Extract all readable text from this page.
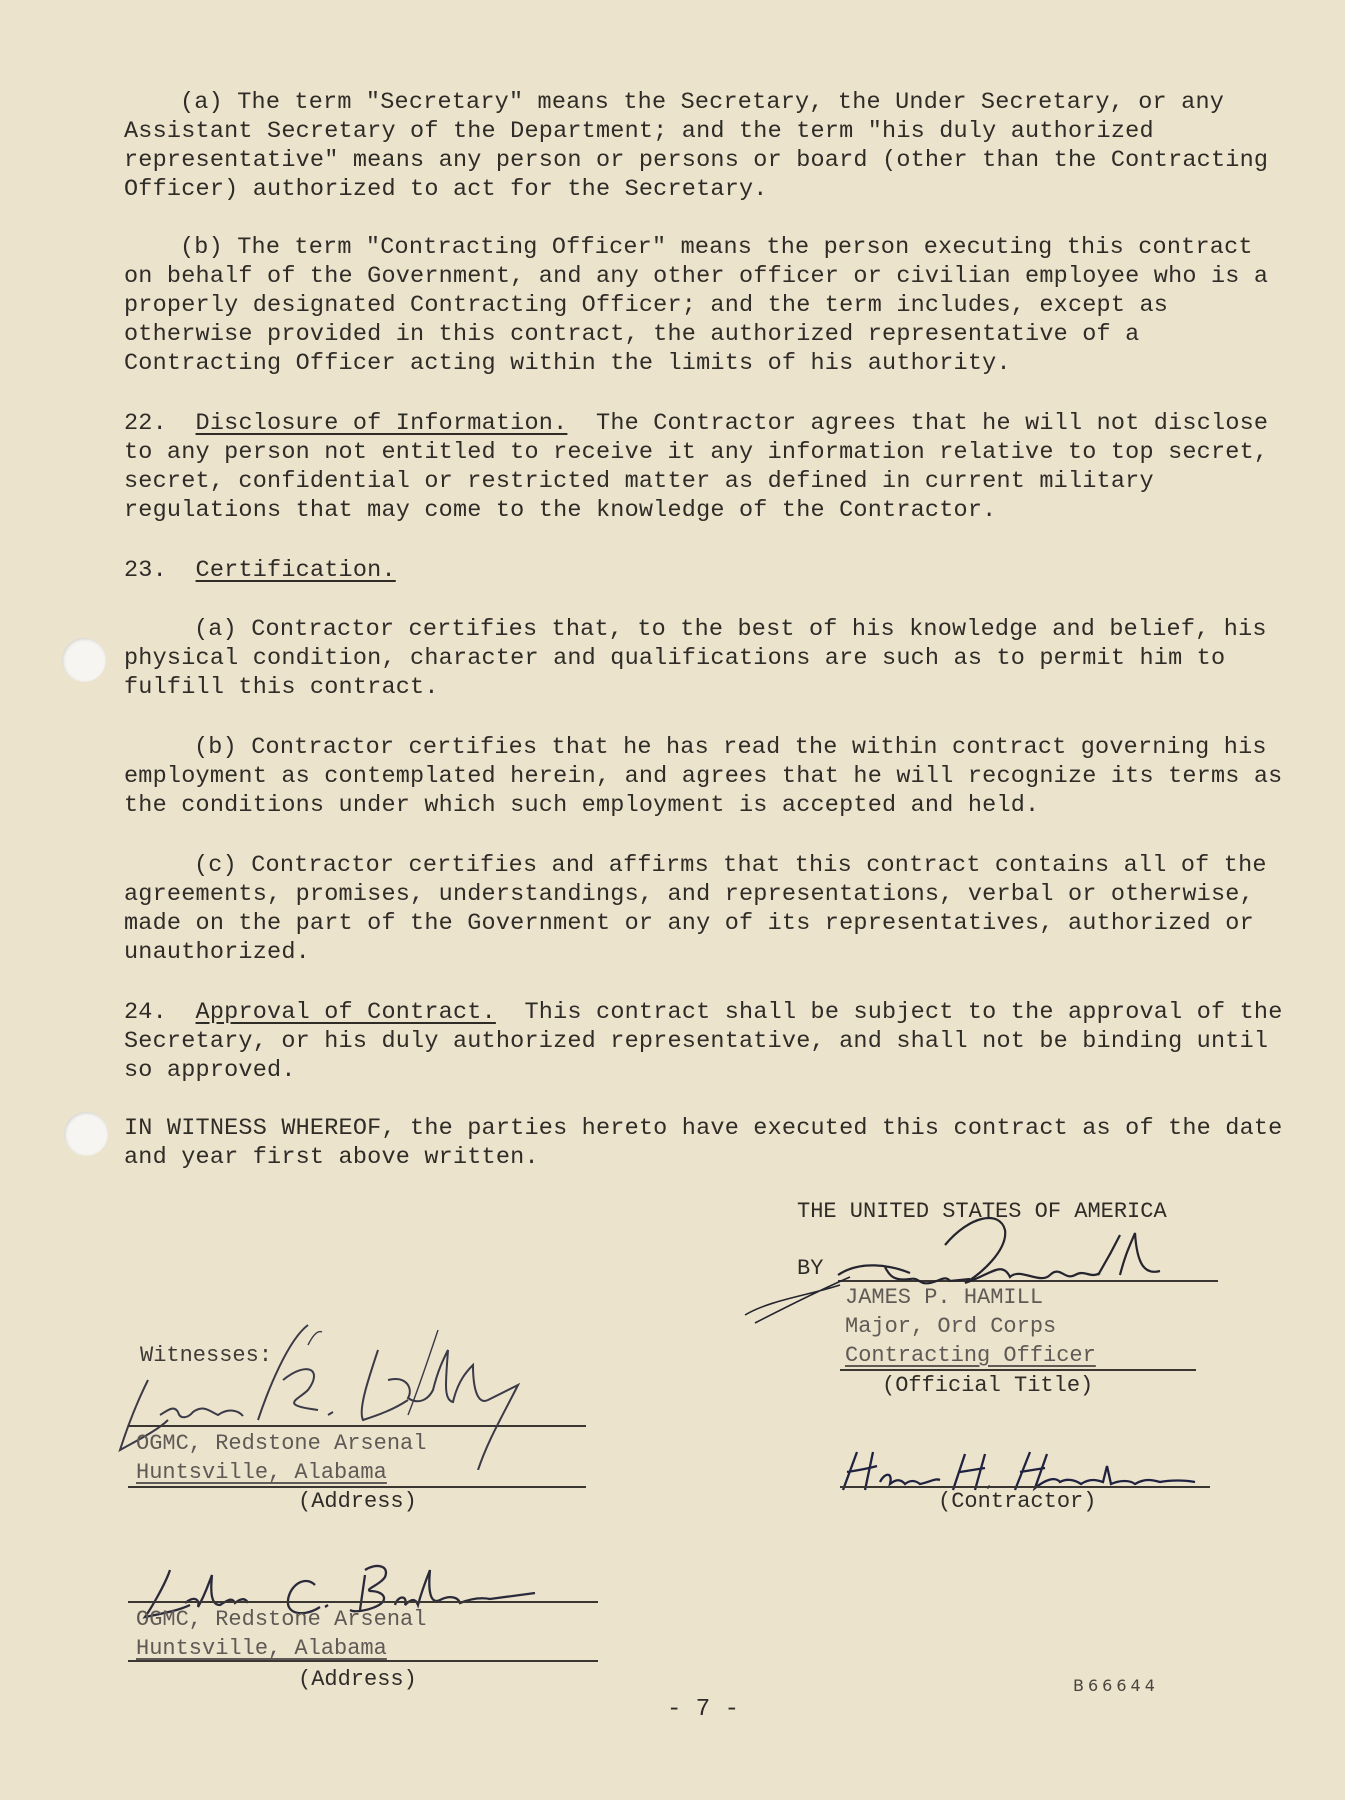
(a) The term "Secretary" means the Secretary, the Under Secretary, or any Assistant Secretary of the Department; and the term "his duly authorized representative" means any person or persons or board (other than the Contracting Officer) authorized to act for the Secretary.

(b) The term "Contracting Officer" means the person executing this contract on behalf of the Government, and any other officer or civilian employee who is a properly designated Contracting Officer; and the term includes, except as otherwise provided in this contract, the authorized representative of a Contracting Officer acting within the limits of his authority.

22. Disclosure of Information. The Contractor agrees that he will not disclose to any person not entitled to receive it any information relative to top secret, secret, confidential or restricted matter as defined in current military regulations that may come to the knowledge of the Contractor.

23. Certification.

(a) Contractor certifies that, to the best of his knowledge and belief, his physical condition, character and qualifications are such as to permit him to fulfill this contract.

(b) Contractor certifies that he has read the within contract governing his employment as contemplated herein, and agrees that he will recognize its terms as the conditions under which such employment is accepted and held.

(c) Contractor certifies and affirms that this contract contains all of the agreements, promises, understandings, and representations, verbal or otherwise, made on the part of the Government or any of its representatives, authorized or unauthorized.

24. Approval of Contract. This contract shall be subject to the approval of the Secretary, or his duly authorized representative, and shall not be binding until so approved.

IN WITNESS WHEREOF, the parties hereto have executed this contract as of the date and year first above written.

THE UNITED STATES OF AMERICA
BY
JAMES P. HAMILL
Major, Ord Corps
Contracting Officer
(Official Title)
(Contractor)
Witnesses:
OGMC, Redstone Arsenal
Huntsville, Alabama
(Address)
OGMC, Redstone Arsenal
Huntsville, Alabama
(Address)
- 7 -
B66644
